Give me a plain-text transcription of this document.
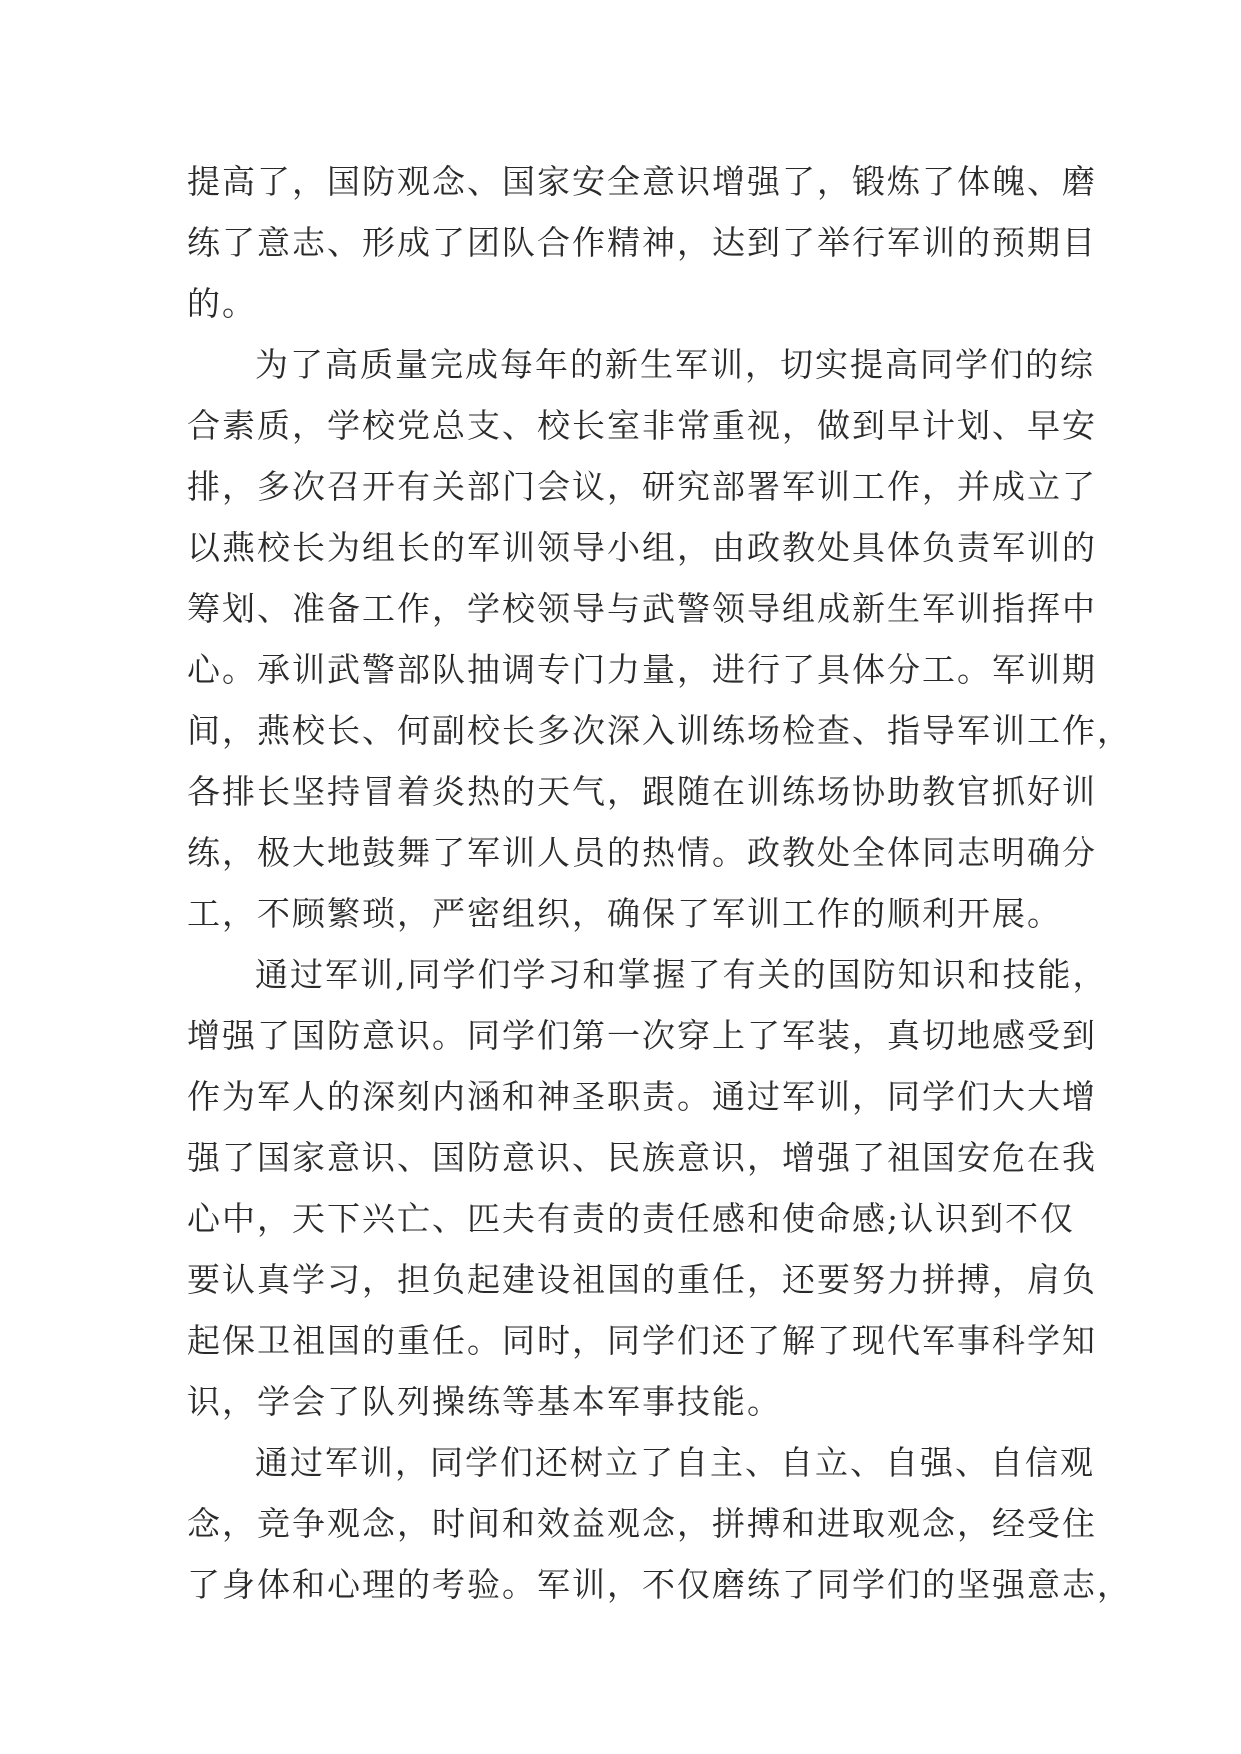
提高了，国防观念、国家安全意识增强了，锻炼了体魄、磨
练了意志、形成了团队合作精神，达到了举行军训的预期目
的。
为了高质量完成每年的新生军训，切实提高同学们的综
合素质，学校党总支、校长室非常重视，做到早计划、早安
排，多次召开有关部门会议，研究部署军训工作，并成立了
以燕校长为组长的军训领导小组，由政教处具体负责军训的
筹划、准备工作，学校领导与武警领导组成新生军训指挥中
心。承训武警部队抽调专门力量，进行了具体分工。军训期
间，燕校长、何副校长多次深入训练场检查、指导军训工作，
各排长坚持冒着炎热的天气，跟随在训练场协助教官抓好训
练，极大地鼓舞了军训人员的热情。政教处全体同志明确分
工，不顾繁琐，严密组织，确保了军训工作的顺利开展。
通过军训,同学们学习和掌握了有关的国防知识和技能，
增强了国防意识。同学们第一次穿上了军装，真切地感受到
作为军人的深刻内涵和神圣职责。通过军训，同学们大大增
强了国家意识、国防意识、民族意识，增强了祖国安危在我
心中，天下兴亡、匹夫有责的责任感和使命感;认识到不仅
要认真学习，担负起建设祖国的重任，还要努力拼搏，肩负
起保卫祖国的重任。同时，同学们还了解了现代军事科学知
识，学会了队列操练等基本军事技能。
通过军训，同学们还树立了自主、自立、自强、自信观
念，竞争观念，时间和效益观念，拼搏和进取观念，经受住
了身体和心理的考验。军训，不仅磨练了同学们的坚强意志，
